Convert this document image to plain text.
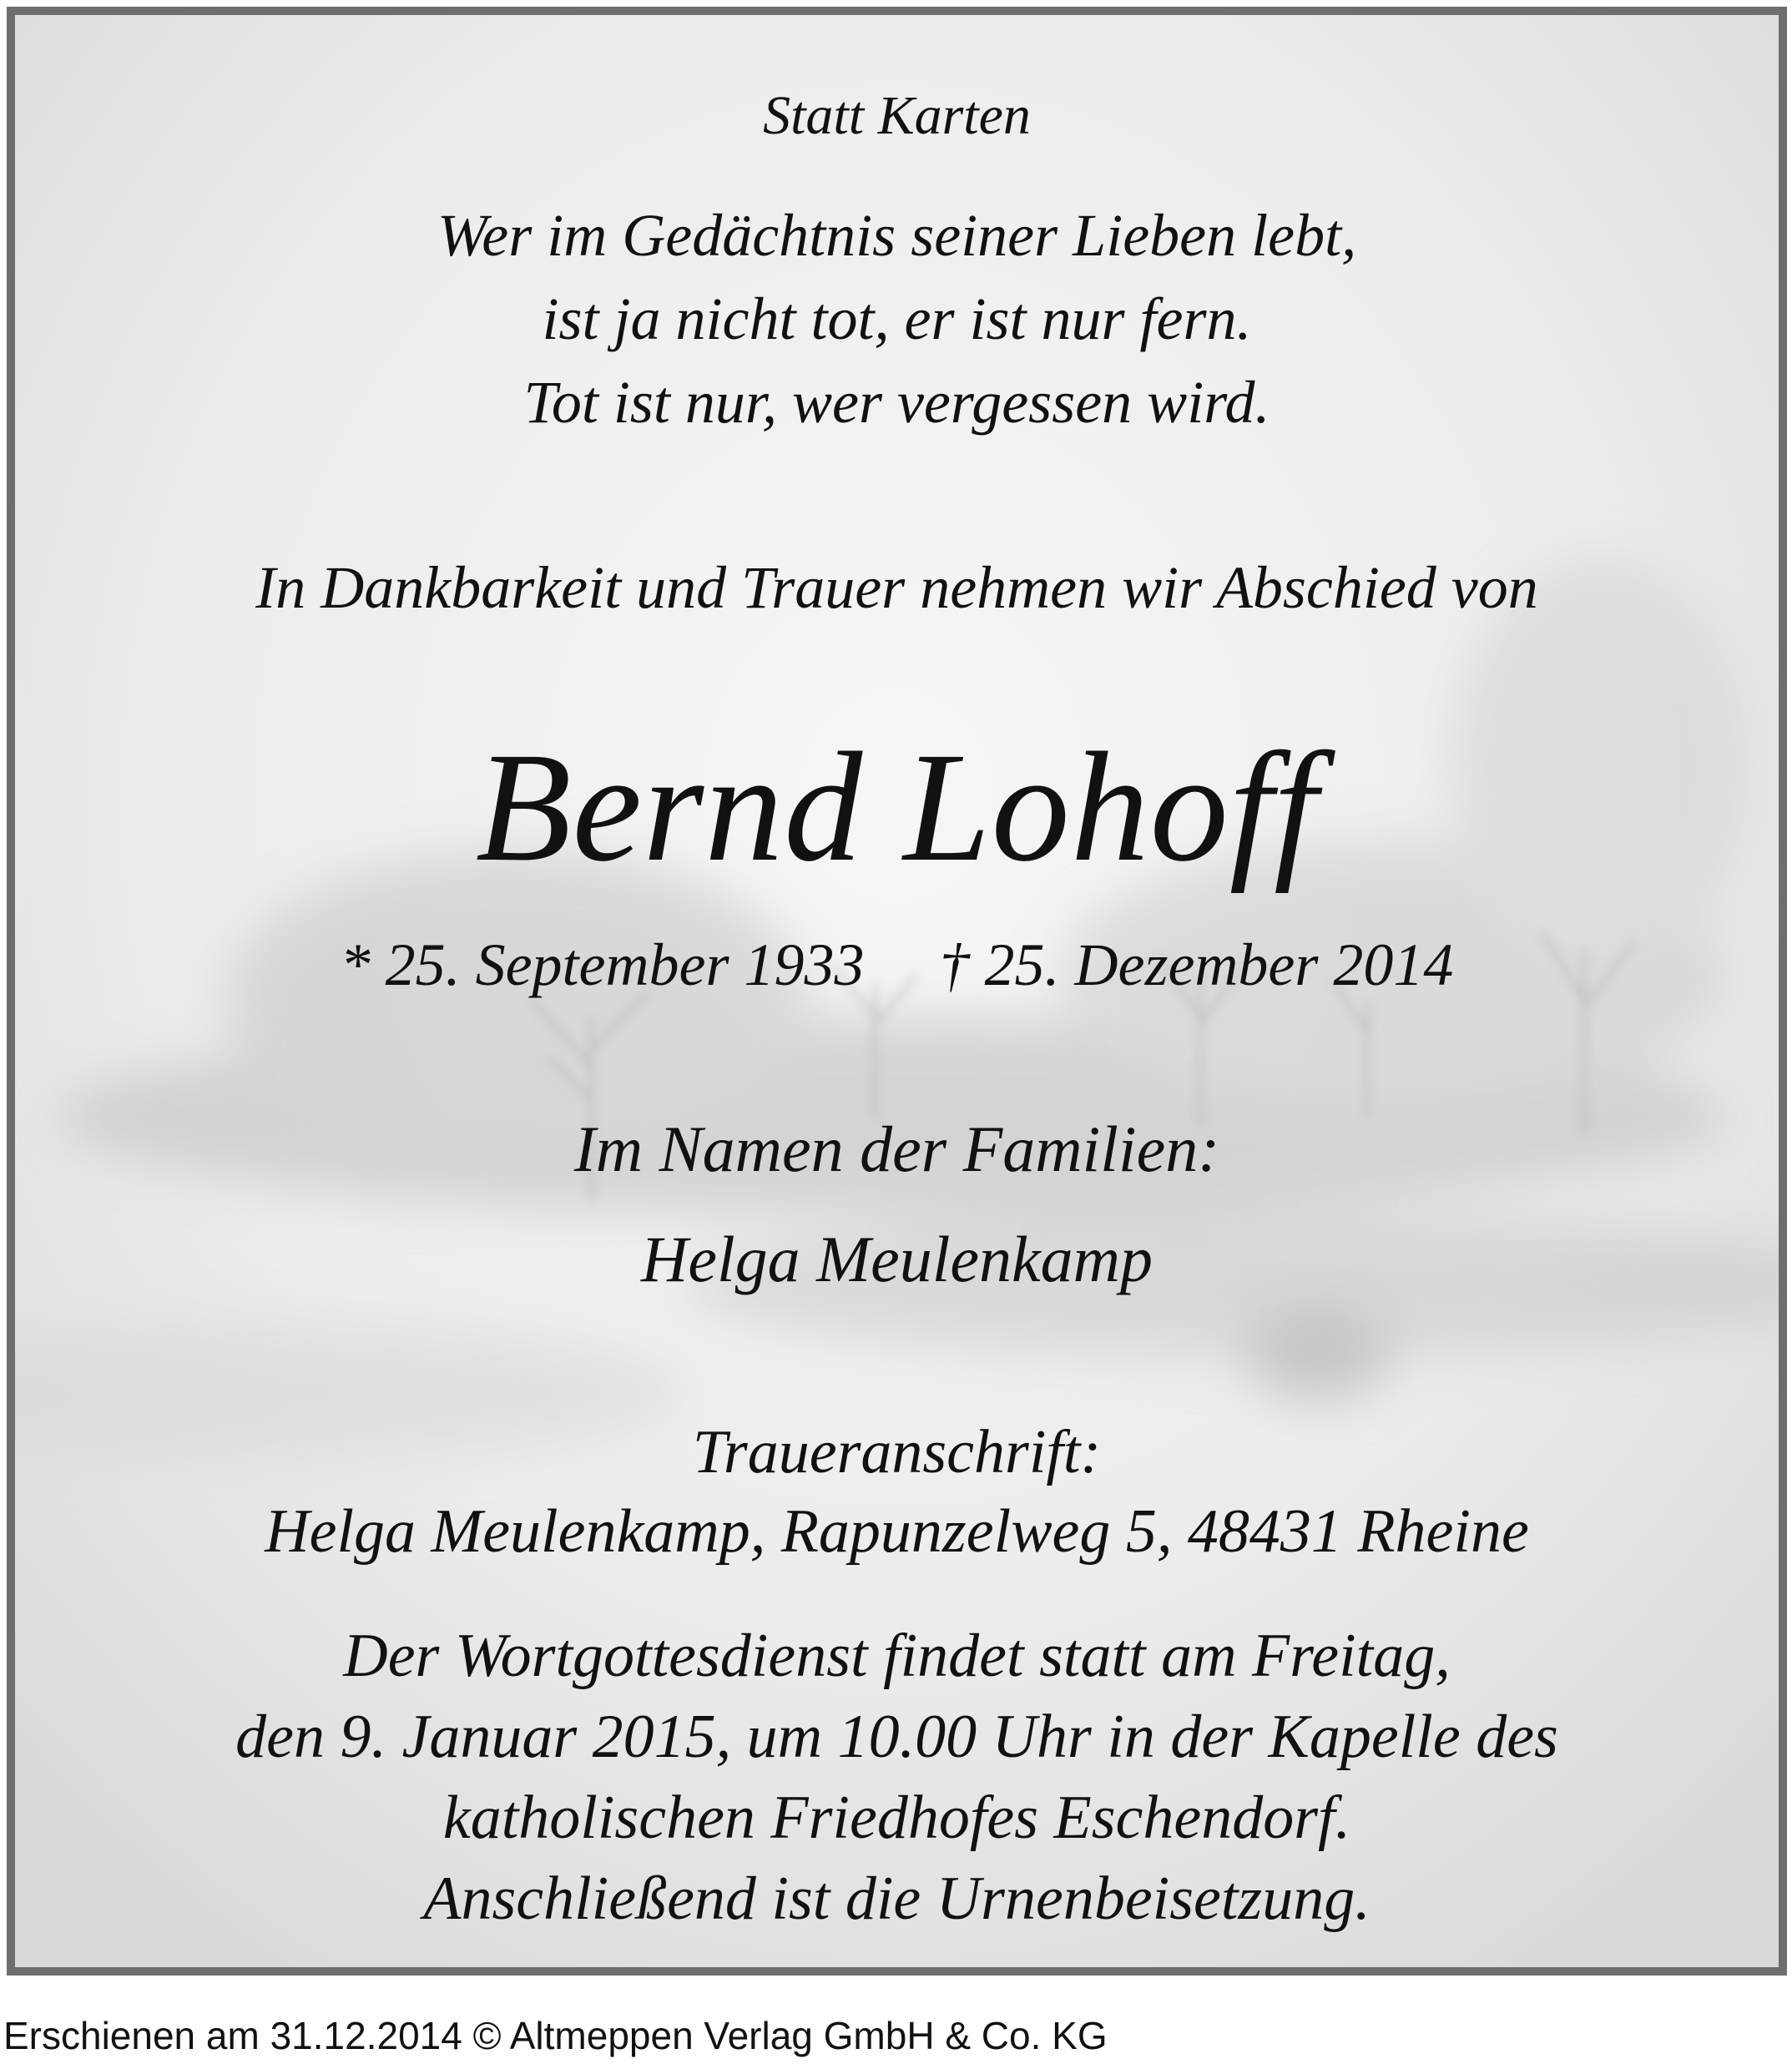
Statt Karten
Wer im Gedächtnis seiner Lieben lebt,
ist ja nicht tot, er ist nur fern.
Tot ist nur, wer vergessen wird.
In Dankbarkeit und Trauer nehmen wir Abschied von
Bernd Lohoff
* 25. September 1933 † 25. Dezember 2014
Im Namen der Familien:
Helga Meulenkamp
Traueranschrift:
Helga Meulenkamp, Rapunzelweg 5, 48431 Rheine
Der Wortgottesdienst findet statt am Freitag,
den 9. Januar 2015, um 10.00 Uhr in der Kapelle des
katholischen Friedhofes Eschendorf.
Anschließend ist die Urnenbeisetzung.
Erschienen am 31.12.2014 © Altmeppen Verlag GmbH & Co. KG
